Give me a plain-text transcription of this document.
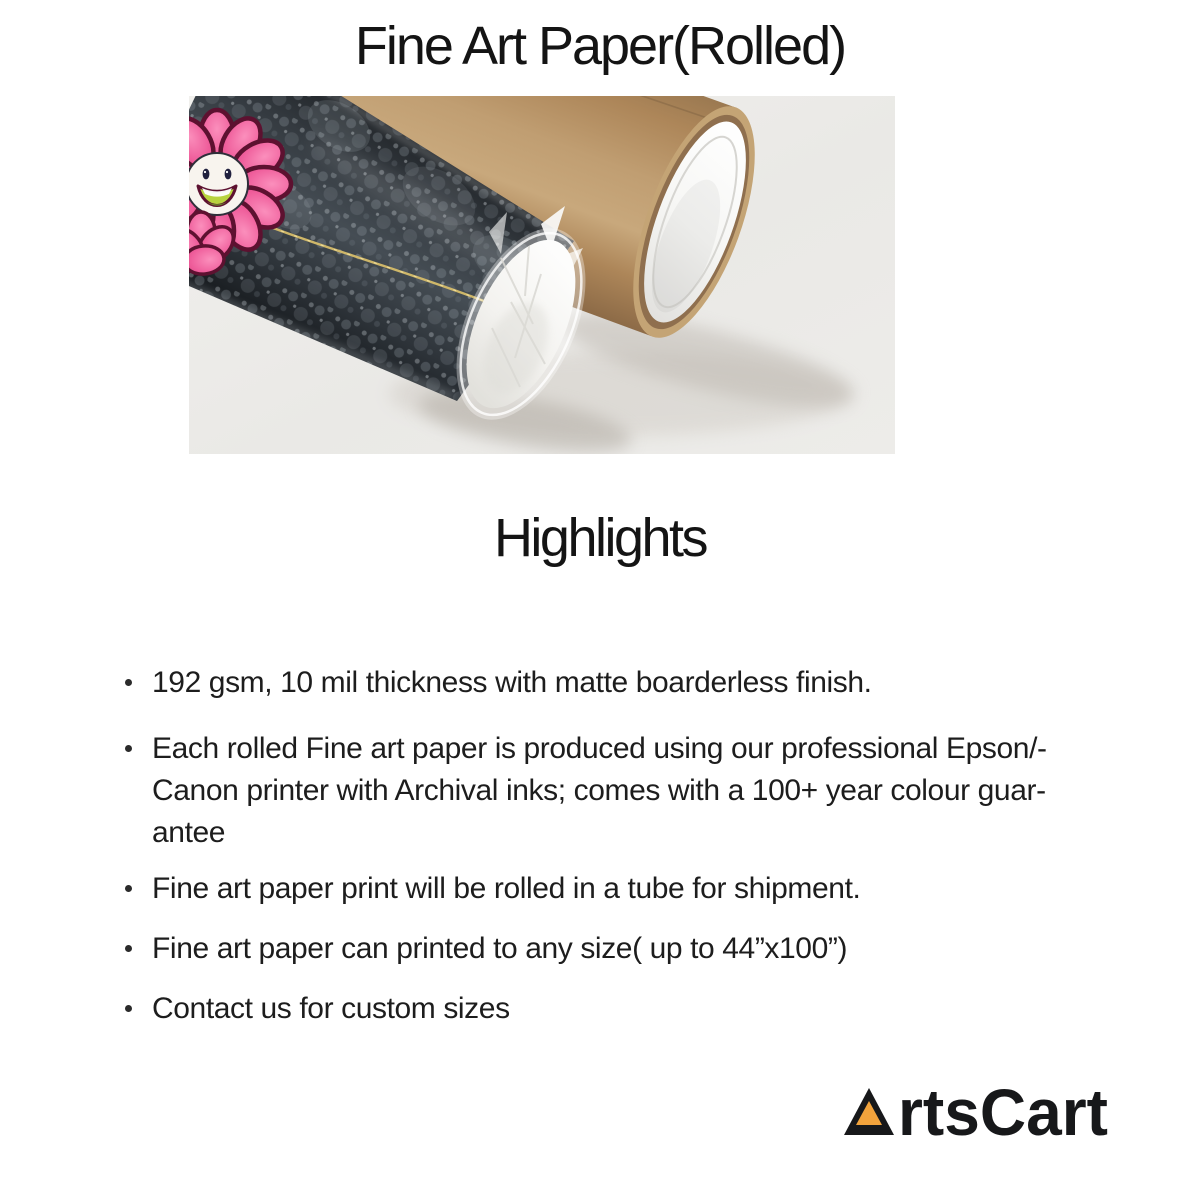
Fine Art Paper(Rolled)
Highlights
192 gsm, 10 mil thickness with matte boarderless finish.
Each rolled Fine art paper is produced using our professional Epson/-
Canon printer with Archival inks; comes with a 100+ year colour guar-
antee
Fine art paper print will be rolled in a tube for shipment.
Fine art paper can printed to any size( up to 44”x100”)
Contact us for custom sizes
rtsCart
